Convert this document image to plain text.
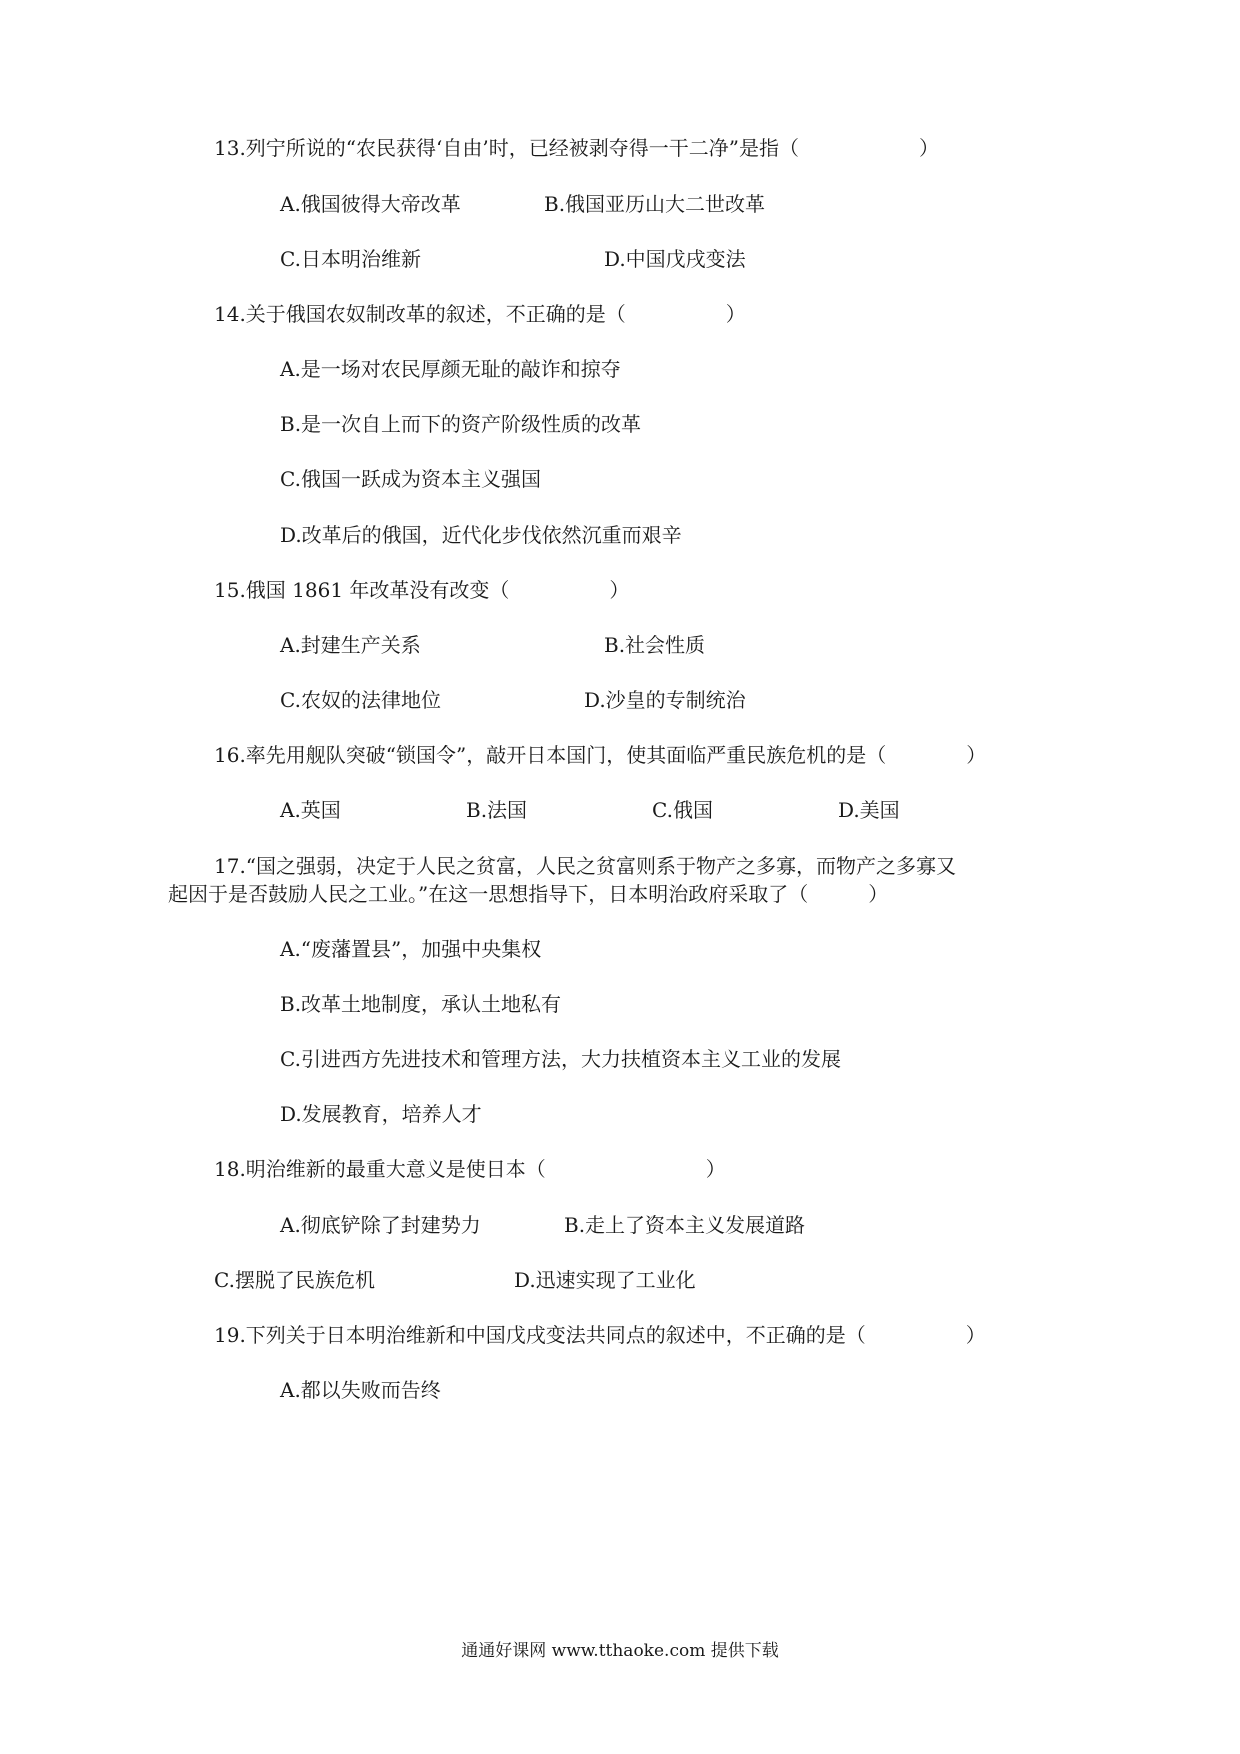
13.列宁所说的“农民获得‘自由’时，已经被剥夺得一干二净”是指（　　　　　　）
A.俄国彼得大帝改革	B.俄国亚历山大二世改革
C.日本明治维新	D.中国戊戌变法
14.关于俄国农奴制改革的叙述，不正确的是（　　　　　）
A.是一场对农民厚颜无耻的敲诈和掠夺
B.是一次自上而下的资产阶级性质的改革
C.俄国一跃成为资本主义强国
D.改革后的俄国，近代化步伐依然沉重而艰辛
15.俄国 1861 年改革没有改变（　　　　　）
A.封建生产关系	B.社会性质
C.农奴的法律地位	D.沙皇的专制统治
16.率先用舰队突破“锁国令”，敲开日本国门，使其面临严重民族危机的是（　　　　）
A.英国	B.法国	C.俄国	D.美国
17.“国之强弱，决定于人民之贫富，人民之贫富则系于物产之多寡，而物产之多寡又
起因于是否鼓励人民之工业。”在这一思想指导下，日本明治政府采取了（　　　）
A.“废藩置县”，加强中央集权
B.改革土地制度，承认土地私有
C.引进西方先进技术和管理方法，大力扶植资本主义工业的发展
D.发展教育，培养人才
18.明治维新的最重大意义是使日本（　　　　　　　　）
A.彻底铲除了封建势力	B.走上了资本主义发展道路
C.摆脱了民族危机	D.迅速实现了工业化
19.下列关于日本明治维新和中国戊戌变法共同点的叙述中，不正确的是（　　　　　）
A.都以失败而告终
通通好课网 www.tthaoke.com 提供下载
